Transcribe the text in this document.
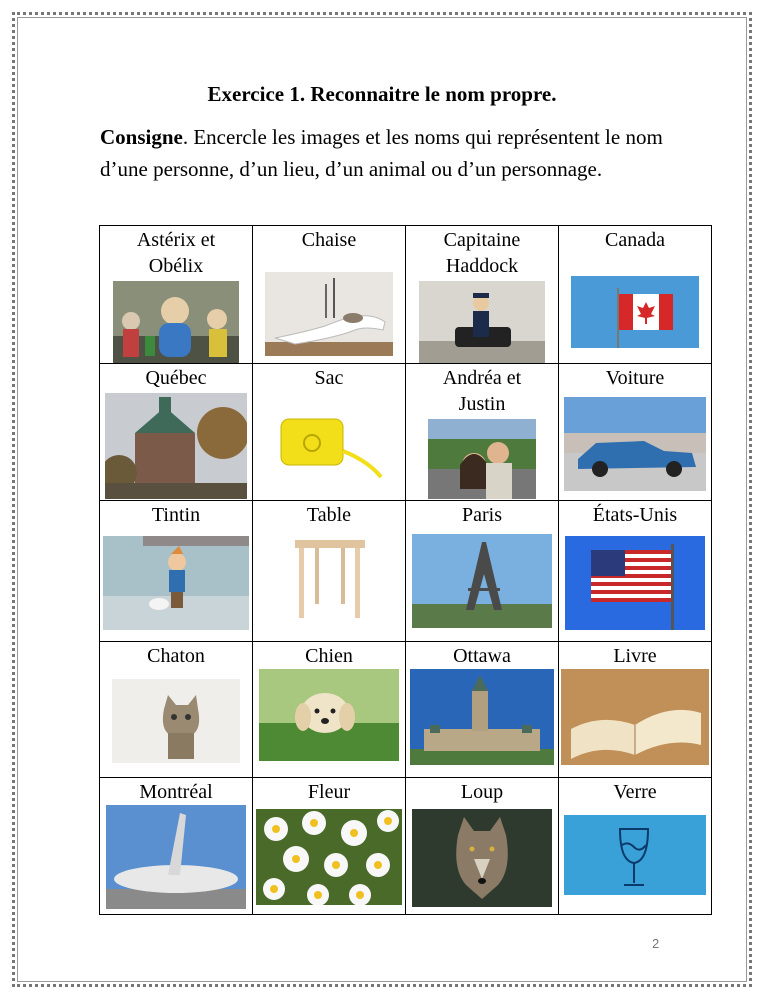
Exercice 1. Reconnaitre le nom propre.
Consigne. Encercle les images et les noms qui représentent le nom d’une personne, d’un lieu, d’un animal ou d’un personnage.
Astérix et Obélix	Chaise	Capitaine Haddock	Canada

Québec	Sac	Andréa et Justin	Voiture

Tintin	Table	Paris	États-Unis

Chaton	Chien	Ottawa	Livre

Montréal	Fleur	Loup	Verre
2
